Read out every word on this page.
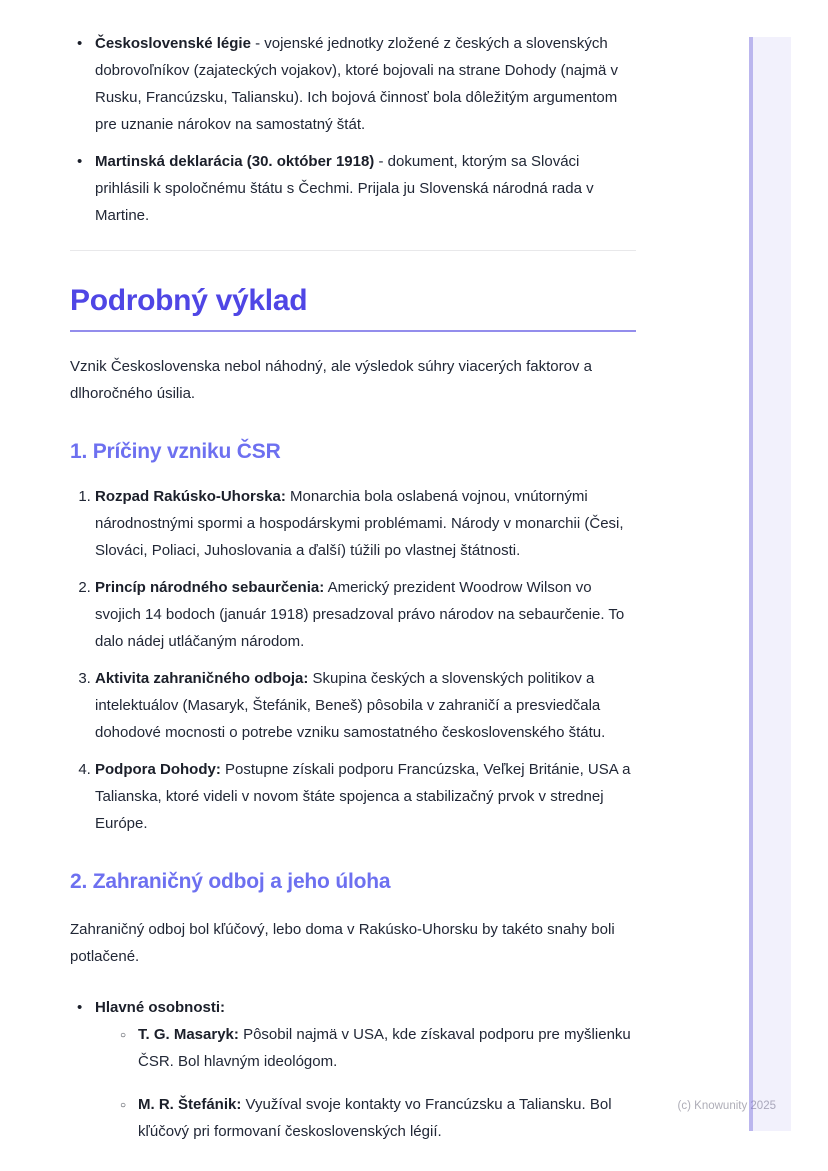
• Československé légie - vojenské jednotky zložené z českých a slovenských dobrovoľníkov (zajateckých vojakov), ktoré bojovali na strane Dohody (najmä v Rusku, Francúzsku, Taliansku). Ich bojová činnosť bola dôležitým argumentom pre uznanie nárokov na samostatný štát.
• Martinská deklarácia (30. október 1918) - dokument, ktorým sa Slováci prihlásili k spoločnému štátu s Čechmi. Prijala ju Slovenská národná rada v Martine.
Podrobný výklad

Vznik Československa nebol náhodný, ale výsledok súhry viacerých faktorov a dlhoročného úsilia.

1. Príčiny vzniku ČSR
1. Rozpad Rakúsko-Uhorska: Monarchia bola oslabená vojnou, vnútornými národnostnými spormi a hospodárskymi problémami. Národy v monarchii (Česi, Slováci, Poliaci, Juhoslovania a ďalší) túžili po vlastnej štátnosti.
2. Princíp národného sebaurčenia: Americký prezident Woodrow Wilson vo svojich 14 bodoch (január 1918) presadzoval právo národov na sebaurčenie. To dalo nádej utláčaným národom.
3. Aktivita zahraničného odboja: Skupina českých a slovenských politikov a intelektuálov (Masaryk, Štefánik, Beneš) pôsobila v zahraničí a presviedčala dohodové mocnosti o potrebe vzniku samostatného československého štátu.
4. Podpora Dohody: Postupne získali podporu Francúzska, Veľkej Británie, USA a Talianska, ktoré videli v novom štáte spojenca a stabilizačný prvok v strednej Európe.
2. Zahraničný odboj a jeho úloha

Zahraničný odboj bol kľúčový, lebo doma v Rakúsko-Uhorsku by takéto snahy boli potlačené.

• Hlavné osobnosti:
○ T. G. Masaryk: Pôsobil najmä v USA, kde získaval podporu pre myšlienku ČSR. Bol hlavným ideológom.
○ M. R. Štefánik: Využíval svoje kontakty vo Francúzsku a Taliansku. Bol kľúčový pri formovaní československých légií.
(c) Knowunity 2025
